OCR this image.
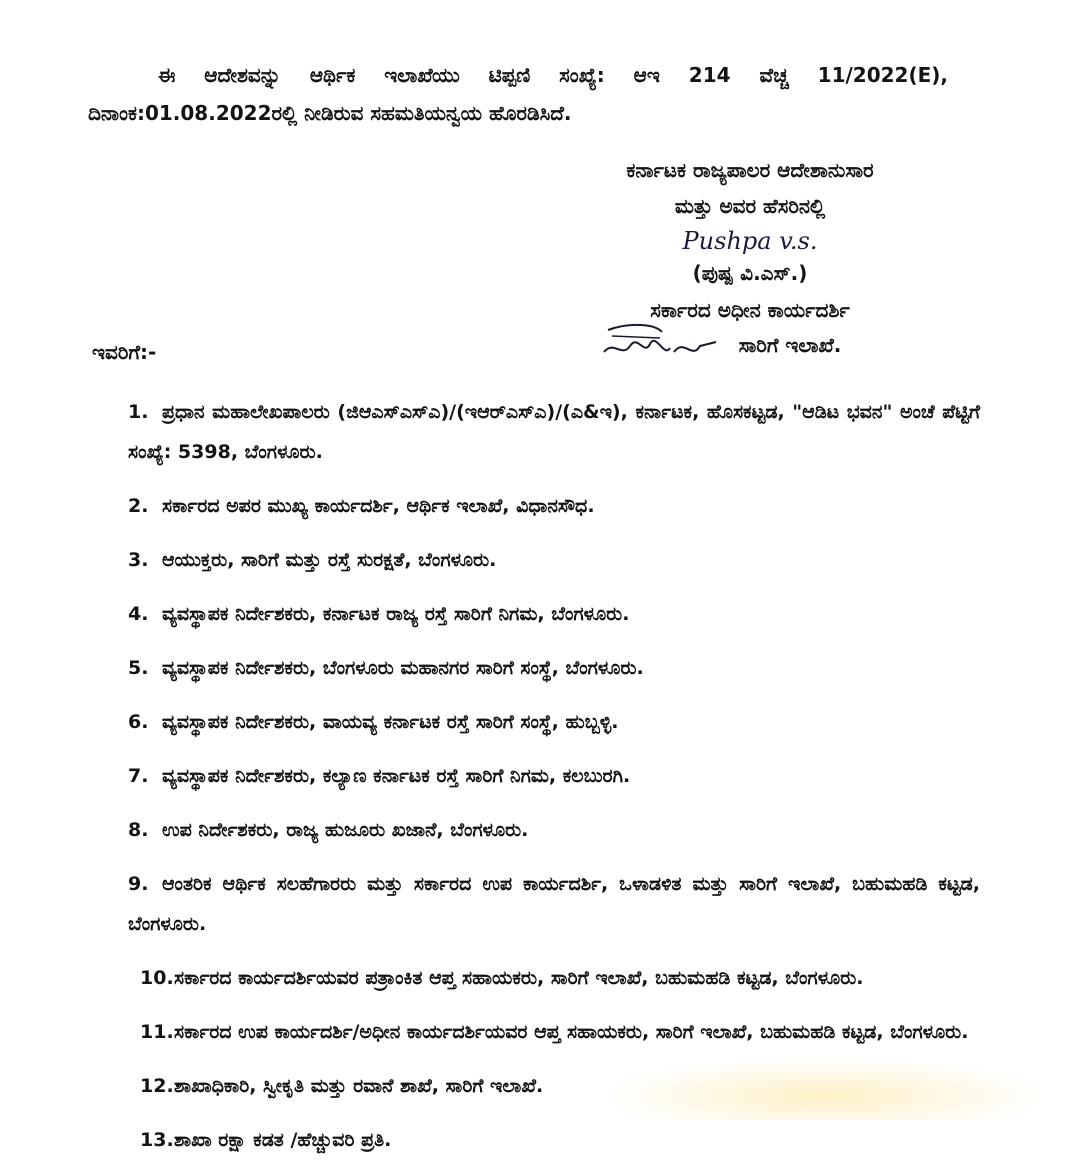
ಈ ಆದೇಶವನ್ನು ಆರ್ಥಿಕ ಇಲಾಖೆಯು ಟಿಪ್ಪಣಿ ಸಂಖ್ಯೆ: ಆಇ 214 ವೆಚ್ಚ 11/2022(E), ದಿನಾಂಕ:01.08.2022ರಲ್ಲಿ ನೀಡಿರುವ ಸಹಮತಿಯನ್ವಯ ಹೊರಡಿಸಿದೆ.

ಕರ್ನಾಟಕ ರಾಜ್ಯಪಾಲರ ಆದೇಶಾನುಸಾರ
ಮತ್ತು ಅವರ ಹೆಸರಿನಲ್ಲಿ
Pushpa v.s.
(ಪುಷ್ಪ ವಿ.ಎಸ್.)
ಸರ್ಕಾರದ ಅಧೀನ ಕಾರ್ಯದರ್ಶಿ
ಸಾರಿಗೆ ಇಲಾಖೆ.
ಇವರಿಗೆ:-
1. ಪ್ರಧಾನ ಮಹಾಲೇಖಪಾಲರು (ಜಿಆಎಸ್‌ಎಸ್‌ಎ)/(ಇಆರ್‌ಎಸ್‌ಎ)/(ಎ&ಇ), ಕರ್ನಾಟಕ, ಹೊಸಕಟ್ಟಡ, "ಆಡಿಟ ಭವನ" ಅಂಚೆ ಪೆಟ್ಟಿಗೆ ಸಂಖ್ಯೆ: 5398, ಬೆಂಗಳೂರು.
2. ಸರ್ಕಾರದ ಅಪರ ಮುಖ್ಯ ಕಾರ್ಯದರ್ಶಿ, ಆರ್ಥಿಕ ಇಲಾಖೆ, ವಿಧಾನಸೌಧ.
3. ಆಯುಕ್ತರು, ಸಾರಿಗೆ ಮತ್ತು ರಸ್ತೆ ಸುರಕ್ಷತೆ, ಬೆಂಗಳೂರು.
4. ವ್ಯವಸ್ಥಾಪಕ ನಿರ್ದೇಶಕರು, ಕರ್ನಾಟಕ ರಾಜ್ಯ ರಸ್ತೆ ಸಾರಿಗೆ ನಿಗಮ, ಬೆಂಗಳೂರು.
5. ವ್ಯವಸ್ಥಾಪಕ ನಿರ್ದೇಶಕರು, ಬೆಂಗಳೂರು ಮಹಾನಗರ ಸಾರಿಗೆ ಸಂಸ್ಥೆ, ಬೆಂಗಳೂರು.
6. ವ್ಯವಸ್ಥಾಪಕ ನಿರ್ದೇಶಕರು, ವಾಯವ್ಯ ಕರ್ನಾಟಕ ರಸ್ತೆ ಸಾರಿಗೆ ಸಂಸ್ಥೆ, ಹುಬ್ಬಳ್ಳಿ.
7. ವ್ಯವಸ್ಥಾಪಕ ನಿರ್ದೇಶಕರು, ಕಲ್ಯಾಣ ಕರ್ನಾಟಕ ರಸ್ತೆ ಸಾರಿಗೆ ನಿಗಮ, ಕಲಬುರಗಿ.
8. ಉಪ ನಿರ್ದೇಶಕರು, ರಾಜ್ಯ ಹುಜೂರು ಖಜಾನೆ, ಬೆಂಗಳೂರು.
9. ಆಂತರಿಕ ಆರ್ಥಿಕ ಸಲಹೆಗಾರರು ಮತ್ತು ಸರ್ಕಾರದ ಉಪ ಕಾರ್ಯದರ್ಶಿ, ಒಳಾಡಳಿತ ಮತ್ತು ಸಾರಿಗೆ ಇಲಾಖೆ, ಬಹುಮಹಡಿ ಕಟ್ಟಡ, ಬೆಂಗಳೂರು.
10.ಸರ್ಕಾರದ ಕಾರ್ಯದರ್ಶಿಯವರ ಪತ್ರಾಂಕಿತ ಆಪ್ತ ಸಹಾಯಕರು, ಸಾರಿಗೆ ಇಲಾಖೆ, ಬಹುಮಹಡಿ ಕಟ್ಟಡ, ಬೆಂಗಳೂರು.
11.ಸರ್ಕಾರದ ಉಪ ಕಾರ್ಯದರ್ಶಿ/ಅಧೀನ ಕಾರ್ಯದರ್ಶಿಯವರ ಆಪ್ತ ಸಹಾಯಕರು, ಸಾರಿಗೆ ಇಲಾಖೆ, ಬಹುಮಹಡಿ ಕಟ್ಟಡ, ಬೆಂಗಳೂರು.
12.ಶಾಖಾಧಿಕಾರಿ, ಸ್ವೀಕೃತಿ ಮತ್ತು ರವಾನೆ ಶಾಖೆ, ಸಾರಿಗೆ ಇಲಾಖೆ.
13.ಶಾಖಾ ರಕ್ಷಾ ಕಡತ /ಹೆಚ್ಚುವರಿ ಪ್ರತಿ.
